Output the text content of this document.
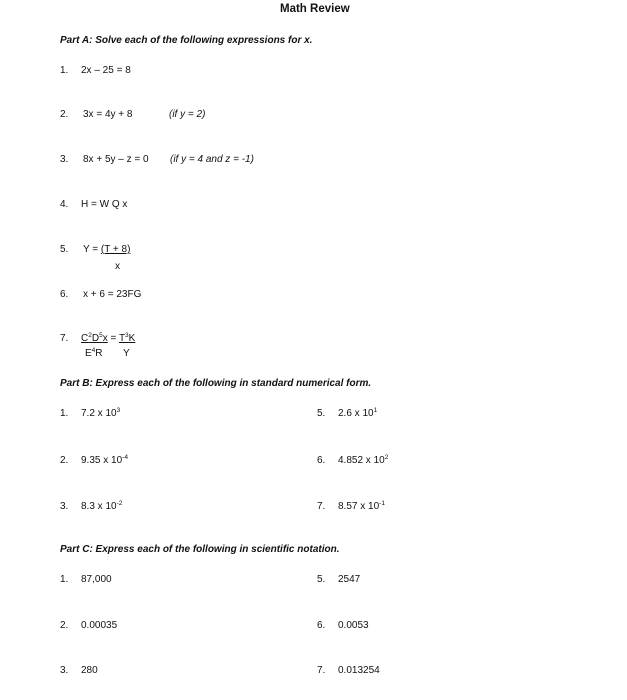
Math Review
Part A: Solve each of the following expressions for x.
1. 2x – 25 = 8
2. 3x = 4y + 8	(if y = 2)
3. 8x + 5y – z = 0 (if y = 4 and z = -1)
4. H = W Q x
5. Y = (T + 8)
x
6. x + 6 = 23FG
7. $C^2D^5x = T^3K$
$E^4R$ Y
Part B: Express each of the following in standard numerical form.
1. 7.2 x $10^3$
2. 9.35 x $10^{-4}$
3. 8.3 x $10^{-2}$
5. 2.6 x $10^1$
6. 4.852 x $10^2$
7. 8.57 x $10^{-1}$
Part C: Express each of the following in scientific notation.
1. 87,000
2. 0.00035
3. 280
5. 2547
6. 0.0053
7. 0.013254
